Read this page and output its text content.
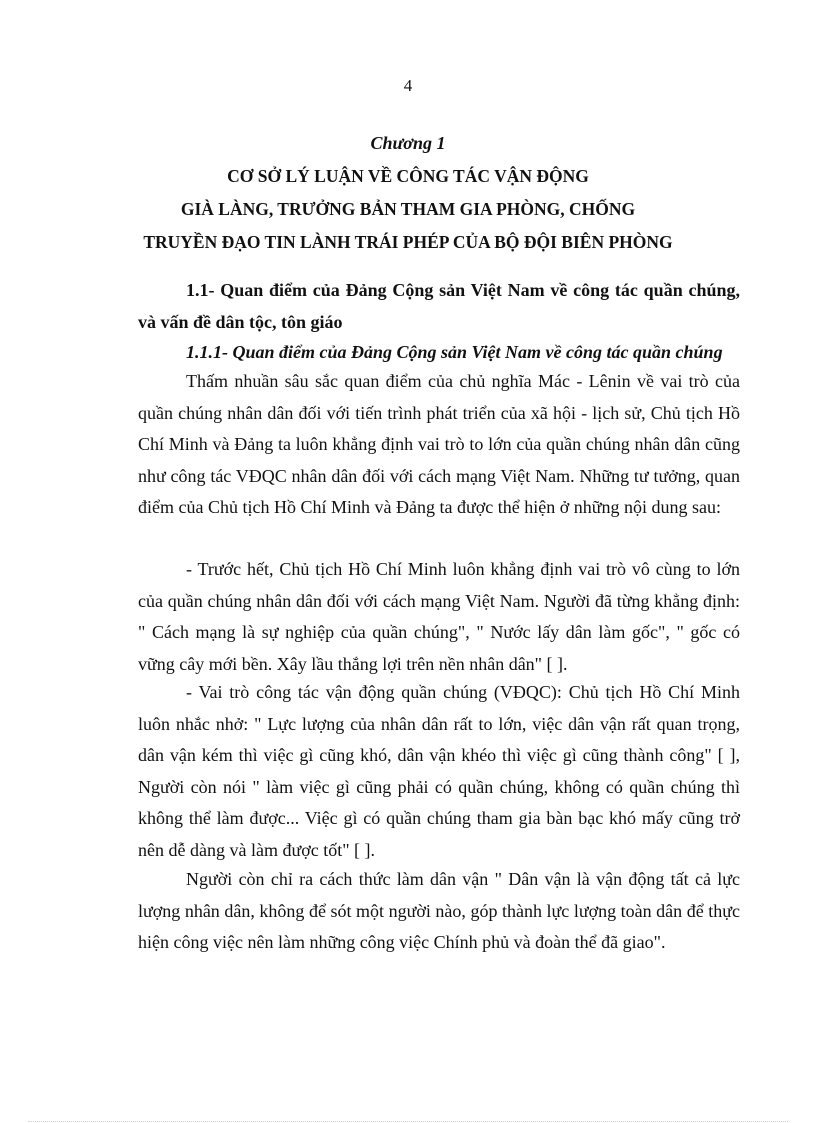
4
Chương 1
CƠ SỞ LÝ LUẬN VỀ CÔNG TÁC VẬN ĐỘNG
GIÀ LÀNG, TRƯỞNG BẢN THAM GIA PHÒNG, CHỐNG
TRUYỀN ĐẠO TIN LÀNH TRÁI PHÉP CỦA BỘ ĐỘI BIÊN PHÒNG
1.1- Quan điểm của Đảng Cộng sản Việt Nam về công tác quần chúng, và vấn đề dân tộc, tôn giáo
1.1.1- Quan điểm của Đảng Cộng sản Việt Nam về công tác quần chúng
Thấm nhuần sâu sắc quan điểm của chủ nghĩa Mác - Lênin về vai trò của quần chúng nhân dân đối với tiến trình phát triển của xã hội - lịch sử, Chủ tịch Hồ Chí Minh và Đảng ta luôn khẳng định vai trò to lớn của quần chúng nhân dân cũng như công tác VĐQC nhân dân đối với cách mạng Việt Nam. Những tư tưởng, quan điểm của Chủ tịch Hồ Chí Minh và Đảng ta được thể hiện ở những nội dung sau:
- Trước hết, Chủ tịch Hồ Chí Minh luôn khẳng định vai trò vô cùng to lớn của quần chúng nhân dân đối với cách mạng Việt Nam. Người đã từng khẳng định: " Cách mạng là sự nghiệp của quần chúng", " Nước lấy dân làm gốc", " gốc có vững cây mới bền. Xây lầu thắng lợi trên nền nhân dân" [ ].
- Vai trò công tác vận động quần chúng (VĐQC): Chủ tịch Hồ Chí Minh luôn nhắc nhở: " Lực lượng của nhân dân rất to lớn, việc dân vận rất quan trọng, dân vận kém thì việc gì cũng khó, dân vận khéo thì việc gì cũng thành công" [ ], Người còn nói " làm việc gì cũng phải có quần chúng, không có quần chúng thì không thể làm được... Việc gì có quần chúng tham gia bàn bạc khó mấy cũng trở nên dễ dàng và làm được tốt" [ ].
Người còn chỉ ra cách thức làm dân vận " Dân vận là vận động tất cả lực lượng nhân dân, không để sót một người nào, góp thành lực lượng toàn dân để thực hiện công việc nên làm những công việc Chính phủ và đoàn thể đã giao".
